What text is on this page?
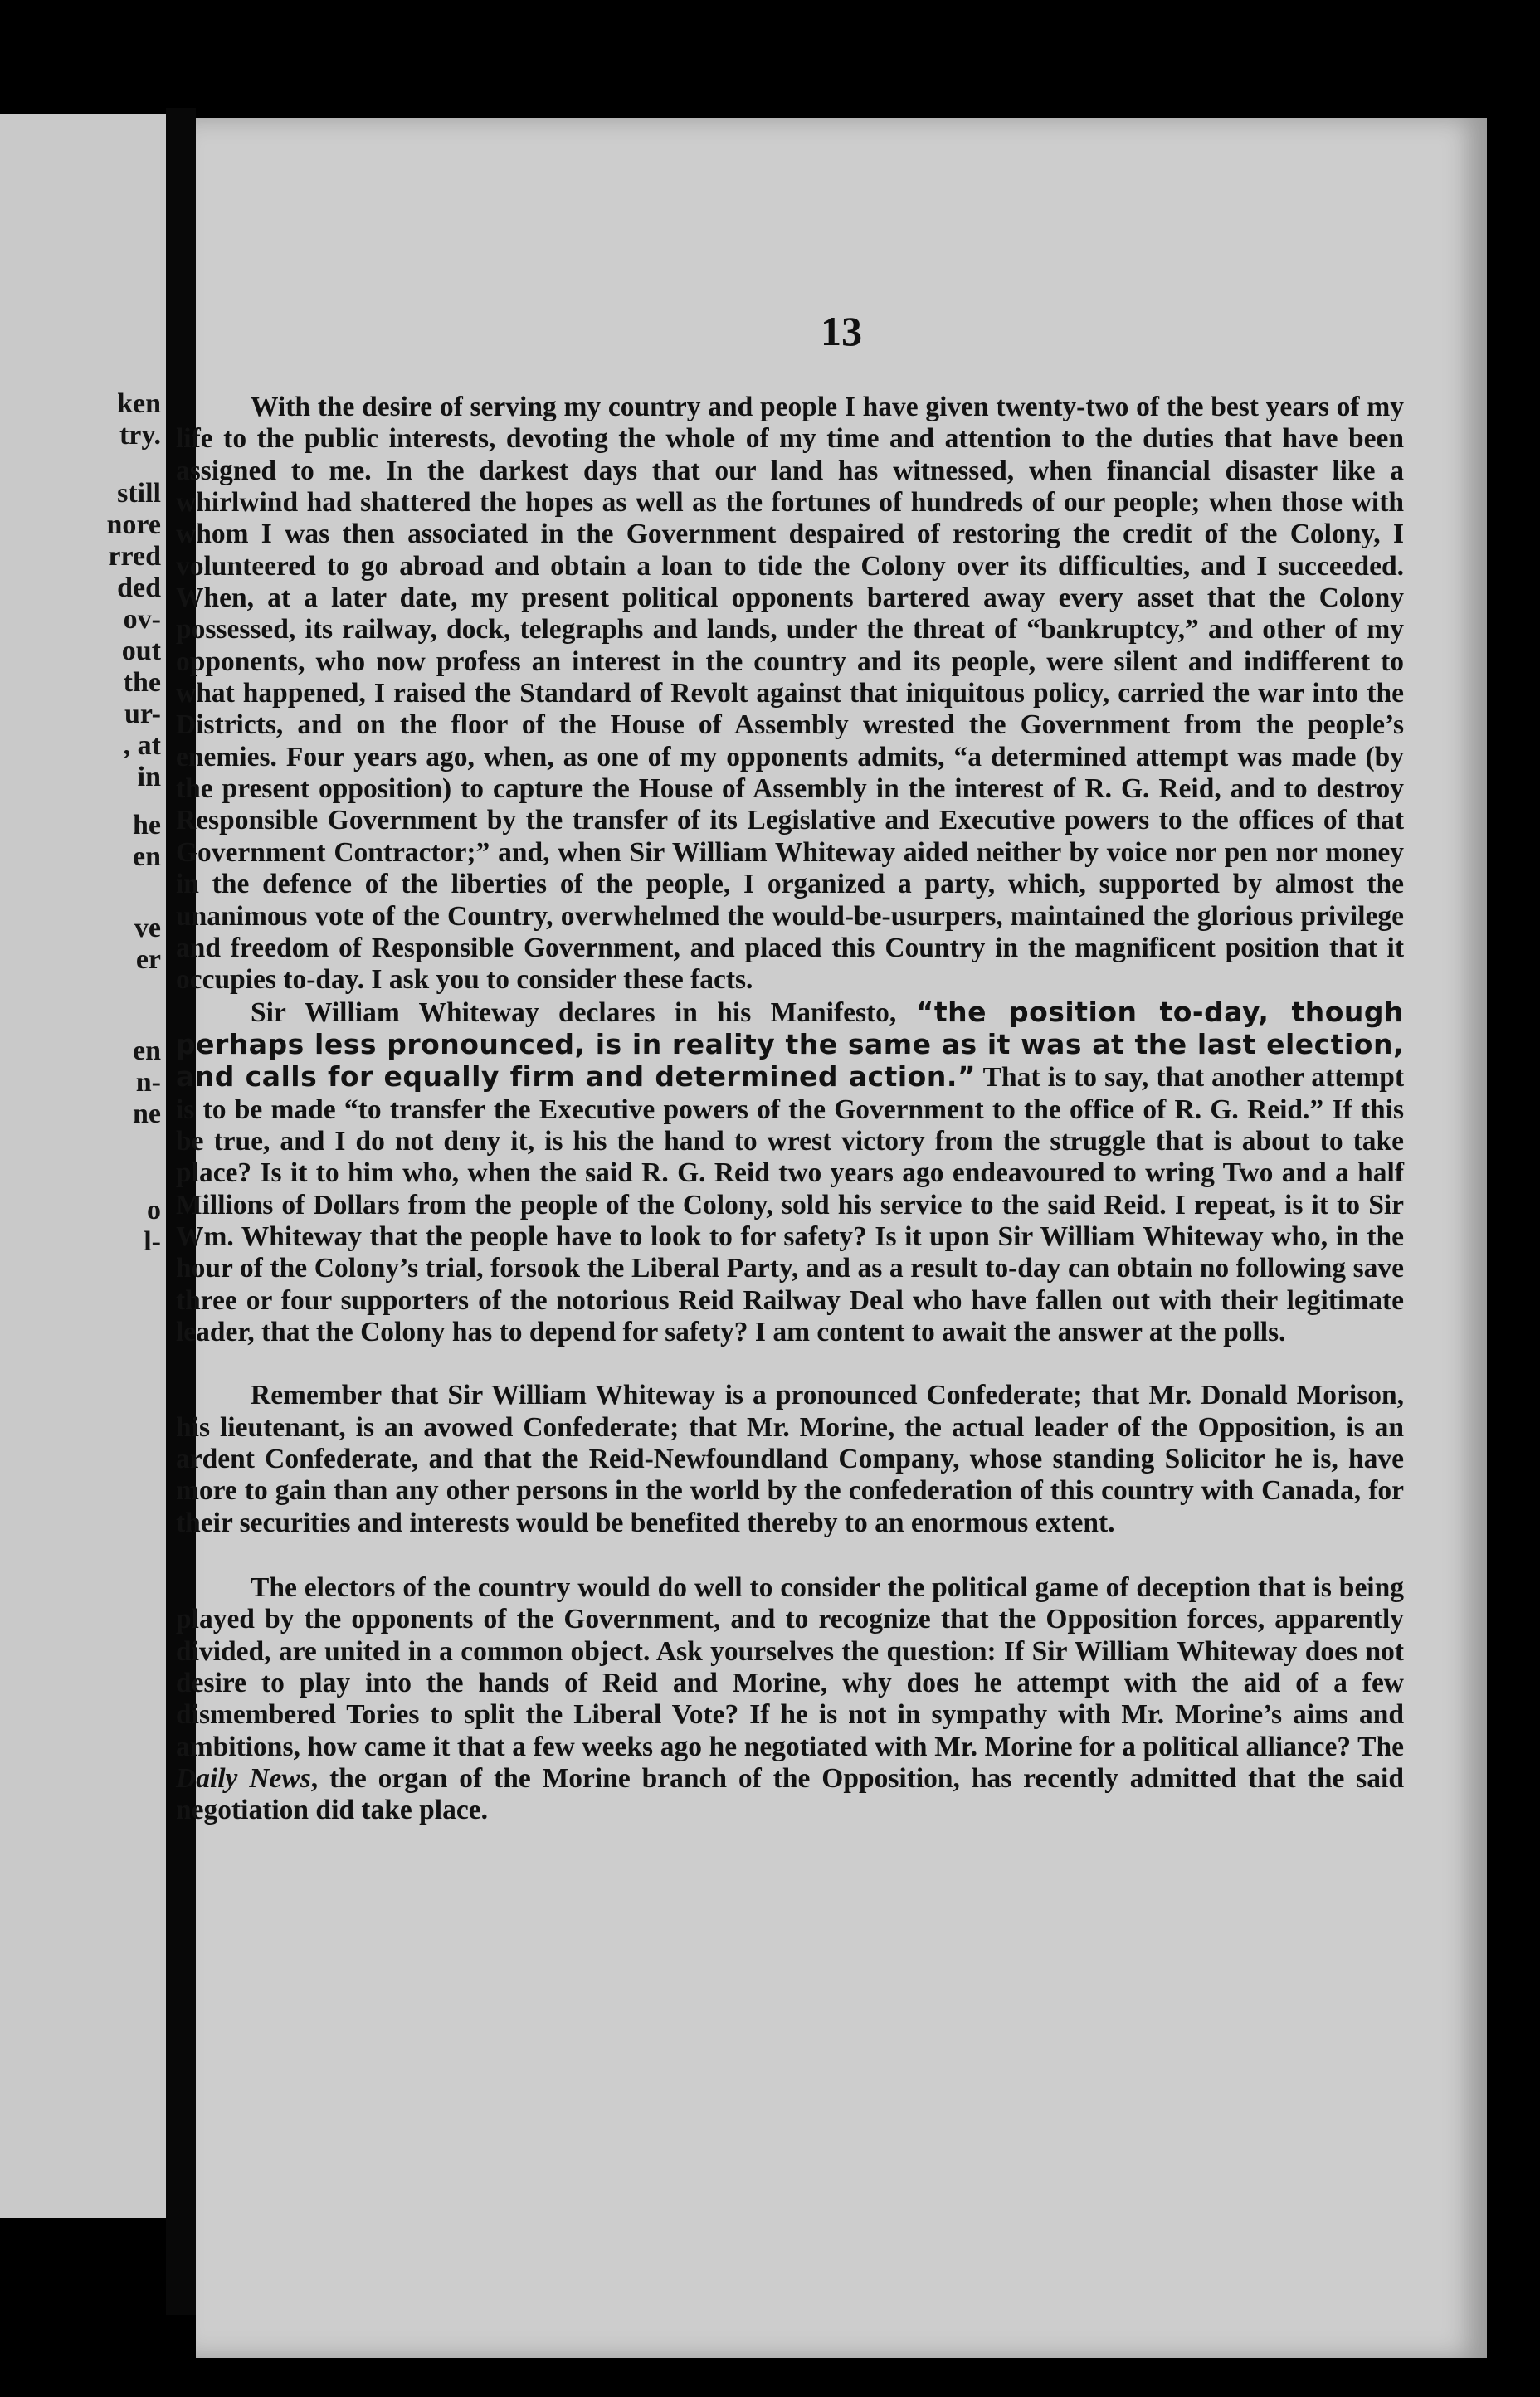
ken
try.
still
nore
rred
ded
ov-
out
the
ur-
, at
in
he
en
ve
er
en
n-
ne
o
l-
13

With the desire of serving my country and people I have given twenty-two of the best years of my life to the public interests, devoting the whole of my time and attention to the duties that have been assigned to me. In the darkest days that our land has witnessed, when financial disaster like a whirlwind had shattered the hopes as well as the fortunes of hundreds of our people; when those with whom I was then associated in the Government despaired of restoring the credit of the Colony, I volunteered to go abroad and obtain a loan to tide the Colony over its difficulties, and I succeeded. When, at a later date, my present political opponents bartered away every asset that the Colony possessed, its railway, dock, telegraphs and lands, under the threat of “bankruptcy,” and other of my opponents, who now profess an interest in the country and its people, were silent and indifferent to what happened, I raised the Standard of Revolt against that iniquitous policy, carried the war into the Districts, and on the floor of the House of Assembly wrested the Government from the people’s enemies. Four years ago, when, as one of my opponents admits, “a determined attempt was made (by the present opposition) to capture the House of Assembly in the interest of R. G. Reid, and to destroy Responsible Government by the transfer of its Legislative and Executive powers to the offices of that Government Contractor;” and, when Sir William Whiteway aided neither by voice nor pen nor money in the defence of the liberties of the people, I organized a party, which, supported by almost the unanimous vote of the Country, overwhelmed the would-be-usurpers, maintained the glorious privilege and freedom of Responsible Government, and placed this Country in the magnificent position that it occupies to-day. I ask you to consider these facts.

Sir William Whiteway declares in his Manifesto, “the position to-day, though perhaps less pronounced, is in reality the same as it was at the last election, and calls for equally firm and determined action.” That is to say, that another attempt is to be made “to transfer the Executive powers of the Government to the office of R. G. Reid.” If this be true, and I do not deny it, is his the hand to wrest victory from the struggle that is about to take place? Is it to him who, when the said R. G. Reid two years ago endeavoured to wring Two and a half Millions of Dollars from the people of the Colony, sold his service to the said Reid. I repeat, is it to Sir Wm. Whiteway that the people have to look to for safety? Is it upon Sir William Whiteway who, in the hour of the Colony’s trial, forsook the Liberal Party, and as a result to-day can obtain no following save three or four supporters of the notorious Reid Railway Deal who have fallen out with their legitimate leader, that the Colony has to depend for safety? I am content to await the answer at the polls.

Remember that Sir William Whiteway is a pronounced Confederate; that Mr. Donald Morison, his lieutenant, is an avowed Confederate; that Mr. Morine, the actual leader of the Opposition, is an ardent Confederate, and that the Reid-Newfoundland Company, whose standing Solicitor he is, have more to gain than any other persons in the world by the confederation of this country with Canada, for their securities and interests would be benefited thereby to an enormous extent.

The electors of the country would do well to consider the political game of deception that is being played by the opponents of the Government, and to recognize that the Opposition forces, apparently divided, are united in a common object. Ask yourselves the question: If Sir William Whiteway does not desire to play into the hands of Reid and Morine, why does he attempt with the aid of a few dismembered Tories to split the Liberal Vote? If he is not in sympathy with Mr. Morine’s aims and ambitions, how came it that a few weeks ago he negotiated with Mr. Morine for a political alliance? The Daily News, the organ of the Morine branch of the Opposition, has recently admitted that the said negotiation did take place.
